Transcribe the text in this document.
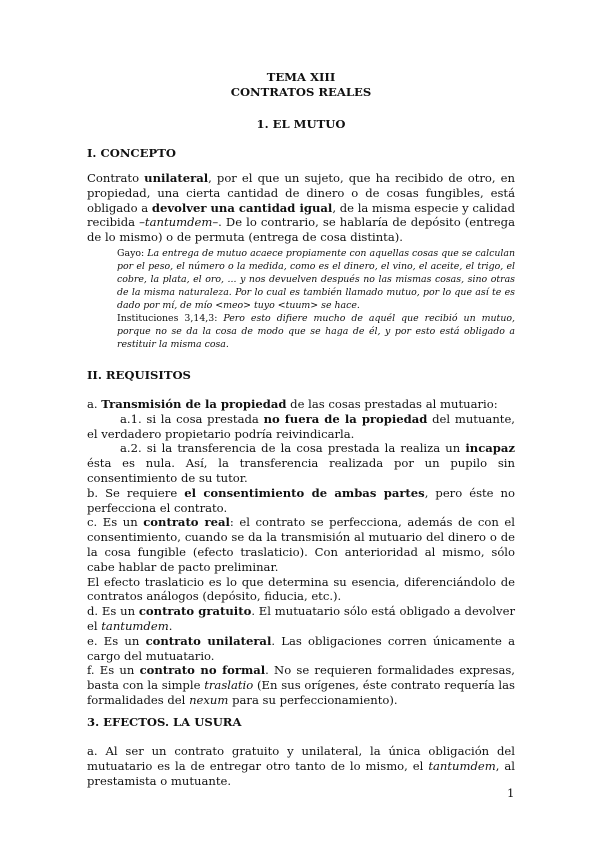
TEMA XIII
CONTRATOS REALES
1. EL MUTUO
I. CONCEPTO
Contrato unilateral, por el que un sujeto, que ha recibido de otro, en propiedad, una cierta cantidad de dinero o de cosas fungibles, está obligado a devolver una cantidad igual, de la misma especie y calidad recibida –tantumdem–. De lo contrario, se hablaría de depósito (entrega de lo mismo) o de permuta (entrega de cosa distinta).
Gayo: La entrega de mutuo acaece propiamente con aquellas cosas que se calculan por el peso, el número o la medida, como es el dinero, el vino, el aceite, el trigo, el cobre, la plata, el oro, ... y nos devuelven después no las mismas cosas, sino otras de la misma naturaleza. Por lo cual es también llamado mutuo, por lo que así te es dado por mí, de mío <meo> tuyo <tuum> se hace.
Instituciones 3,14,3: Pero esto difiere mucho de aquél que recibió un mutuo, porque no se da la cosa de modo que se haga de él, y por esto está obligado a restituir la misma cosa.
II. REQUISITOS

a. Transmisión de la propiedad de las cosas prestadas al mutuario:

a.1. si la cosa prestada no fuera de la propiedad del mutuante, el verdadero propietario podría reivindicarla.

a.2. si la transferencia de la cosa prestada la realiza un incapaz ésta es nula. Así, la transferencia realizada por un pupilo sin consentimiento de su tutor.

b. Se requiere el consentimiento de ambas partes, pero éste no perfecciona el contrato.

c. Es un contrato real: el contrato se perfecciona, además de con el consentimiento, cuando se da la transmisión al mutuario del dinero o de la cosa fungible (efecto traslaticio). Con anterioridad al mismo, sólo cabe hablar de pacto preliminar.

El efecto traslaticio es lo que determina su esencia, diferenciándolo de contratos análogos (depósito, fiducia, etc.).

d. Es un contrato gratuito. El mutuatario sólo está obligado a devolver el tantumdem.

e. Es un contrato unilateral. Las obligaciones corren únicamente a cargo del mutuatario.

f. Es un contrato no formal. No se requieren formalidades expresas, basta con la simple traslatio (En sus orígenes, éste contrato requería las formalidades del nexum para su perfeccionamiento).

3. EFECTOS. LA USURA
a. Al ser un contrato gratuito y unilateral, la única obligación del mutuatario es la de entregar otro tanto de lo mismo, el tantumdem, al prestamista o mutuante.
1
